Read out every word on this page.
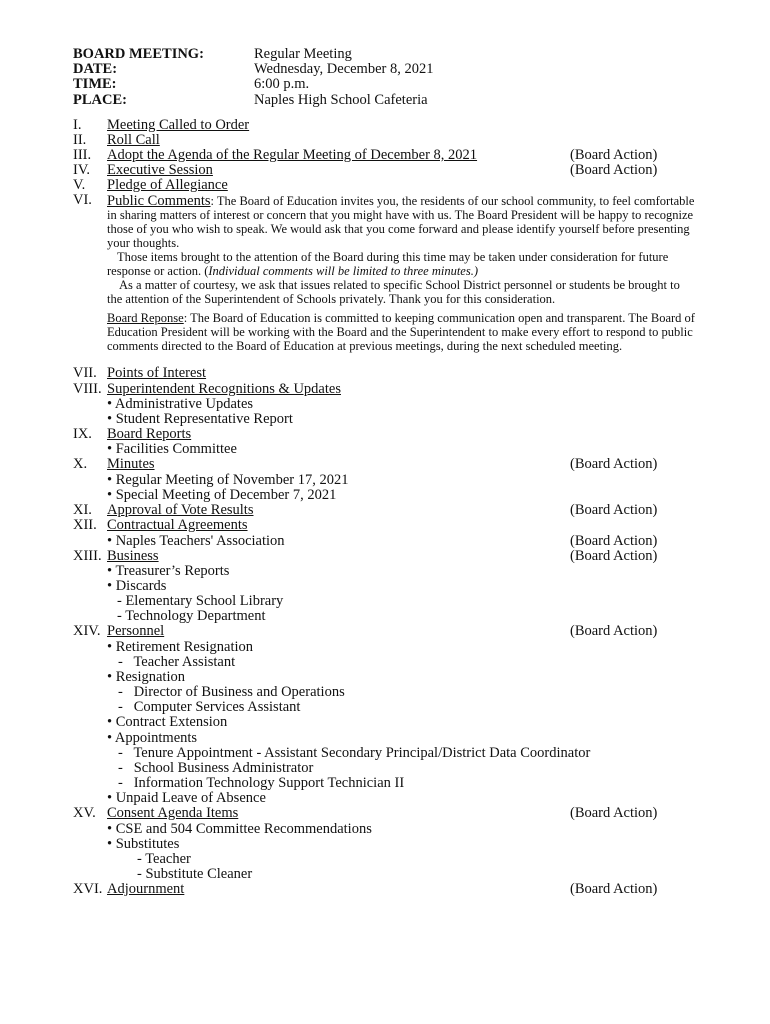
BOARD MEETING:	Regular Meeting
DATE:	Wednesday, December 8, 2021
TIME:	6:00 p.m.
PLACE:	Naples High School Cafeteria
I. Meeting Called to Order
II. Roll Call
III. Adopt the Agenda of the Regular Meeting of December 8, 2021	(Board Action)
IV. Executive Session	(Board Action)
V. Pledge of Allegiance
VI. Public Comments: The Board of Education invites you, the residents of our school community, to feel comfortable in sharing matters of interest or concern that you might have with us. The Board President will be happy to recognize those of you who wish to speak. We would ask that you come forward and please identify yourself before presenting your thoughts.
Those items brought to the attention of the Board during this time may be taken under consideration for future response or action. (Individual comments will be limited to three minutes.)
As a matter of courtesy, we ask that issues related to specific School District personnel or students be brought to the attention of the Superintendent of Schools privately. Thank you for this consideration.
Board Reponse: The Board of Education is committed to keeping communication open and transparent. The Board of Education President will be working with the Board and the Superintendent to make every effort to respond to public comments directed to the Board of Education at previous meetings, during the next scheduled meeting.
VII. Points of Interest
VIII. Superintendent Recognitions & Updates
• Administrative Updates
• Student Representative Report
IX. Board Reports
• Facilities Committee
X. Minutes	(Board Action)
• Regular Meeting of November 17, 2021
• Special Meeting of December 7, 2021
XI. Approval of Vote Results	(Board Action)
XII. Contractual Agreements
• Naples Teachers' Association	(Board Action)
XIII. Business	(Board Action)
• Treasurer’s Reports
• Discards
- Elementary School Library
- Technology Department
XIV. Personnel	(Board Action)
• Retirement Resignation
-   Teacher Assistant
• Resignation
-   Director of Business and Operations
-   Computer Services Assistant
• Contract Extension
• Appointments
-   Tenure Appointment - Assistant Secondary Principal/District Data Coordinator
-   School Business Administrator
-   Information Technology Support Technician II
• Unpaid Leave of Absence
XV. Consent Agenda Items	(Board Action)
• CSE and 504 Committee Recommendations
• Substitutes
- Teacher
- Substitute Cleaner
XVI. Adjournment	(Board Action)
